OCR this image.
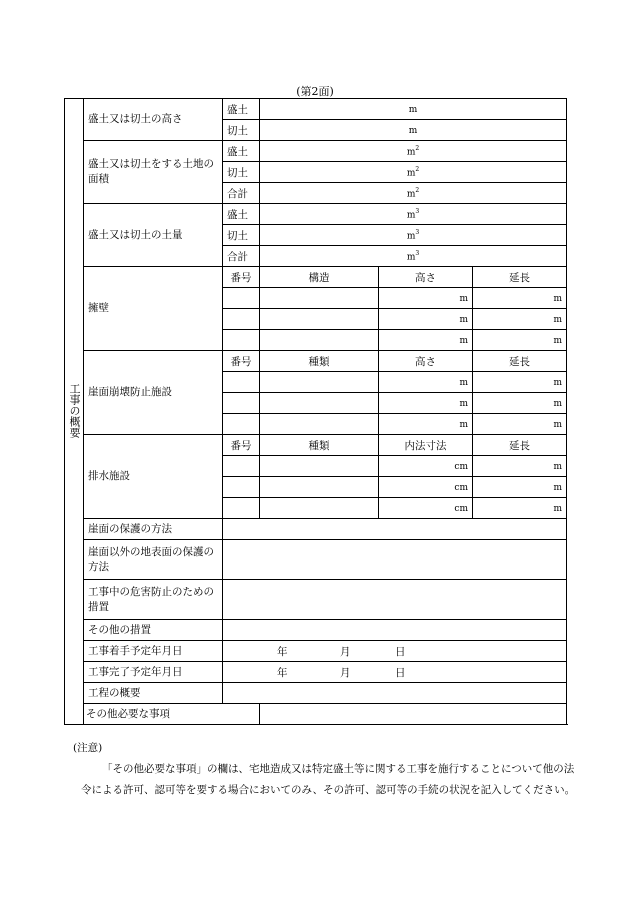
(第2面)
工事の概要	盛土又は切土の高さ	盛土	m		
		切土	m		
	盛土又は切土をする土地の面積	盛土	$m^2$
		切土	$m^2$
		合計	$m^2$
	盛土又は切土の土量	盛土	$m^3$
		切土	$m^3$
		合計	$m^3$
	擁壁	番号	構造	高さ	延長
				m	m
				m	m
				m	m
	崖面崩壊防止施設	番号	種類	高さ	延長
				m	m
				m	m
				m	m
	排水施設	番号	種類	内法寸法	延長
				cm	m
				cm	m
				cm	m
	崖面の保護の方法				
	崖面以外の地表面の保護の方法				
	工事中の危害防止のための措置				
	その他の措置				
	工事着手予定年月日	年 月 日			

	工事完了予定年月日	年 月 日			

	工程の概要				
	その他必要な事項				
(注意)
「その他必要な事項」の欄は、宅地造成又は特定盛土等に関する工事を施行することについて他の法令による許可、認可等を要する場合においてのみ、その許可、認可等の手続の状況を記入してください。
